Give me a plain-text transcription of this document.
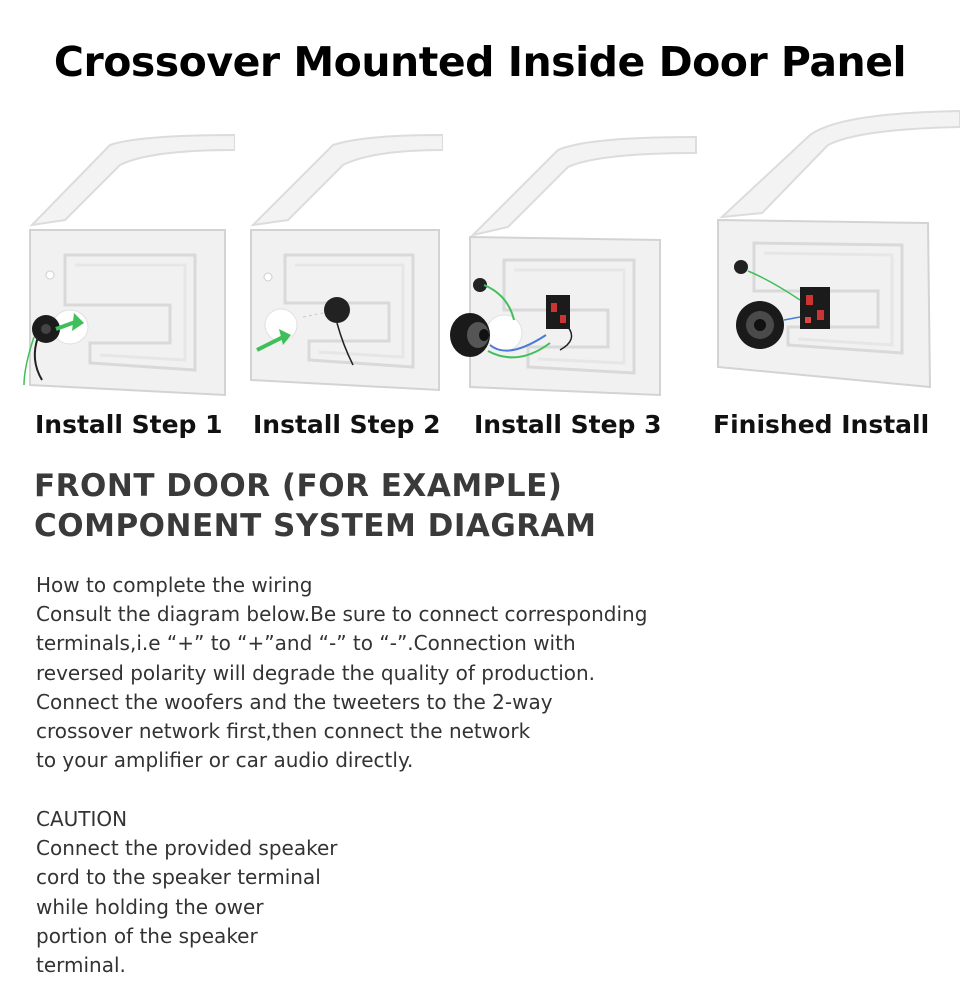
Crossover Mounted Inside Door Panel
Install Step 1 Install Step 2 Install Step 3 Finished Install
FRONT DOOR (FOR EXAMPLE)
COMPONENT SYSTEM DIAGRAM
How to complete the wiring
Consult the diagram below.Be sure to connect corresponding
terminals,i.e “+” to “+”and “-” to “-”.Connection with
reversed polarity will degrade the quality of production.
Connect the woofers and the tweeters to the 2-way
crossover network first,then connect the network
to your amplifier or car audio directly.
CAUTION
Connect the provided speaker
cord to the speaker terminal
while holding the ower
portion of the speaker
terminal.
